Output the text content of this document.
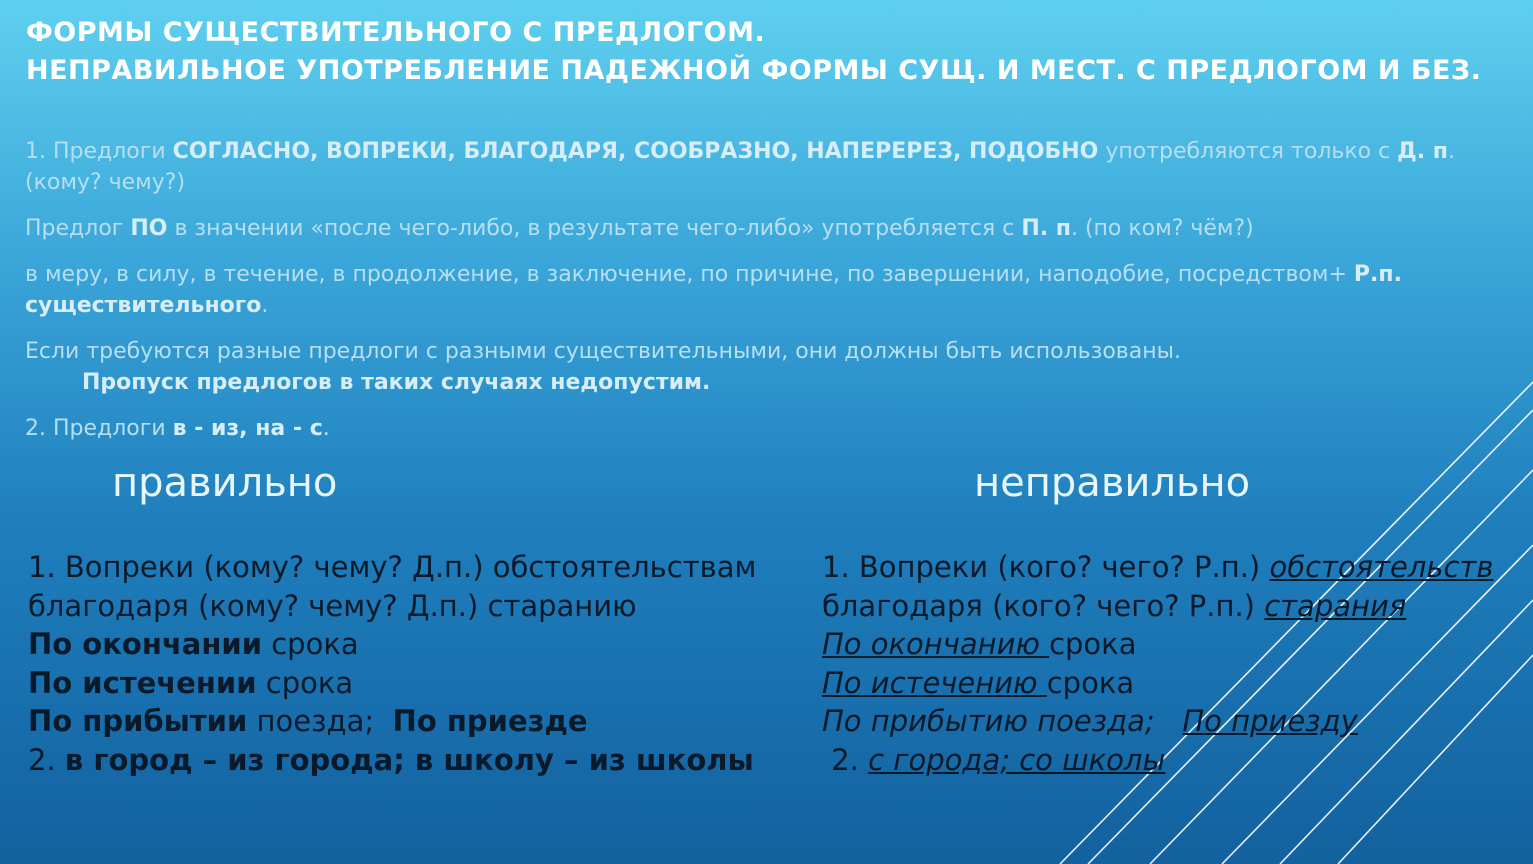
ФОРМЫ СУЩЕСТВИТЕЛЬНОГО С ПРЕДЛОГОМ.
НЕПРАВИЛЬНОЕ УПОТРЕБЛЕНИЕ ПАДЕЖНОЙ ФОРМЫ СУЩ. И МЕСТ. С ПРЕДЛОГОМ И БЕЗ.

1. Предлоги СОГЛАСНО, ВОПРЕКИ, БЛАГОДАРЯ, СООБРАЗНО, НАПЕРЕРЕЗ, ПОДОБНО употребляются только с Д. п. (кому? чему?)

Предлог ПО в значении «после чего-либо, в результате чего-либо» употребляется с П. п. (по ком? чём?)

в меру, в силу, в течение, в продолжение, в заключение, по причине, по завершении, наподобие, посредством+ Р.п. существительного.

Если требуются разные предлоги с разными существительными, они должны быть использованы.
Пропуск предлогов в таких случаях недопустим.

2. Предлоги в - из, на - с.

правильно	неправильно
1. Вопреки (кому? чему? Д.п.) обстоятельствам
благодаря (кому? чему? Д.п.) старанию
По окончании срока
По истечении срока
По прибытии поезда;  По приезде
2. в город – из города; в школу – из школы
1. Вопреки (кого? чего? Р.п.) обстоятельств
благодаря (кого? чего? Р.п.) старания
По окончанию срока
По истечению срока
По прибытию поезда;   По приезду
2. с города; со школы
